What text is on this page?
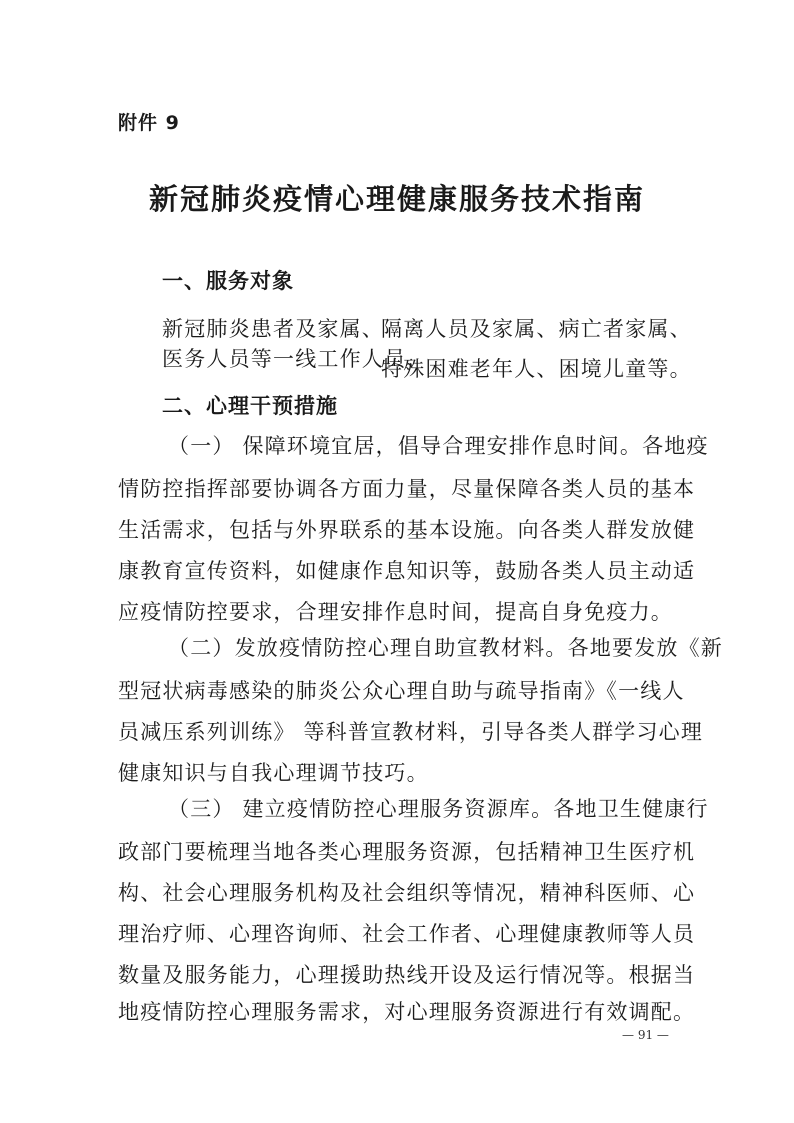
附件 9
新冠肺炎疫情心理健康服务技术指南
一、服务对象
新冠肺炎患者及家属、
医务人员等一线工作人员、
隔离人员及家属、病亡者家属、
特殊困难老年人、困境儿童等。
二、心理干预措施
（一） 保障环境宜居，倡导合理安排作息时间。各地疫
情防控指挥部要协调各方面力量，尽量保障各类人员的基本
生活需求，包括与外界联系的基本设施。向各类人群发放健
康教育宣传资料，如健康作息知识等，鼓励各类人员主动适
应疫情防控要求，合理安排作息时间，提高自身免疫力。
（二）发放疫情防控心理自助宣教材料。各地要发放《新
型冠状病毒感染的肺炎公众心理自助与疏导指南》《一线人
员减压系列训练》 等科普宣教材料，引导各类人群学习心理
健康知识与自我心理调节技巧。
（三） 建立疫情防控心理服务资源库。各地卫生健康行
政部门要梳理当地各类心理服务资源，包括精神卫生医疗机
构、社会心理服务机构及社会组织等情况，精神科医师、心
理治疗师、心理咨询师、社会工作者、心理健康教师等人员
数量及服务能力，心理援助热线开设及运行情况等。根据当
地疫情防控心理服务需求，对心理服务资源进行有效调配。
— 91 —
